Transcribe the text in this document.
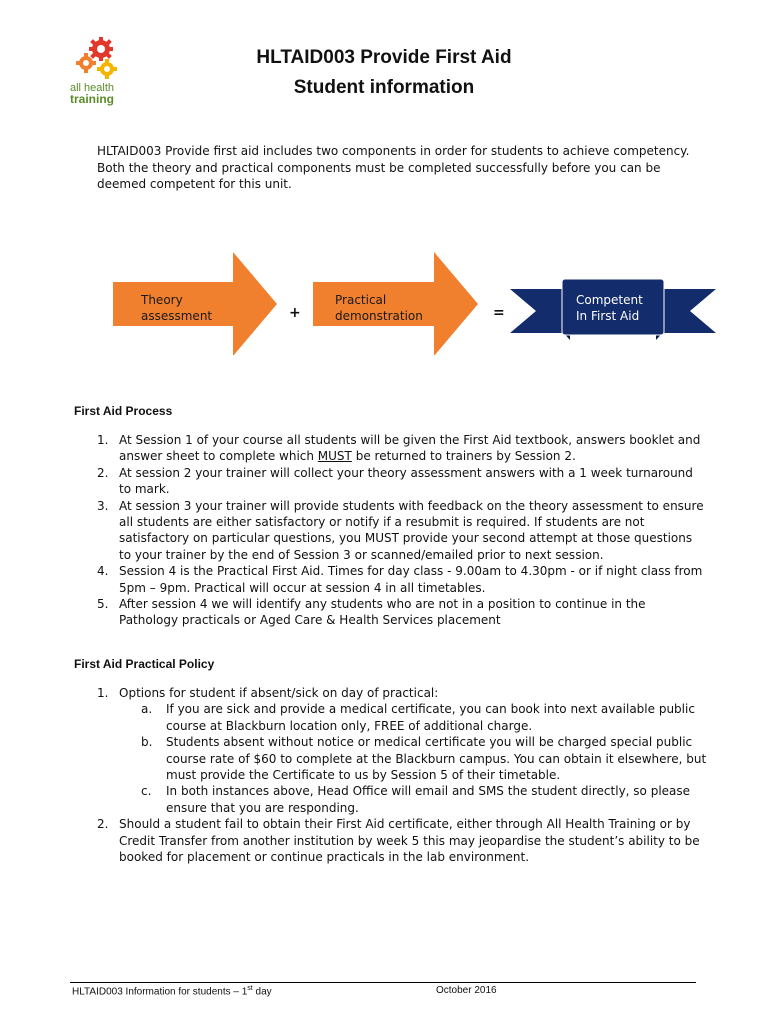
all health
training
HLTAID003 Provide First Aid
Student information
HLTAID003 Provide first aid includes two components in order for students to achieve competency. Both the theory and practical components must be completed successfully before you can be deemed competent for this unit.
Theory
assessment	+
Practical
demonstration	=
Competent
In First Aid
First Aid Process
1. At Session 1 of your course all students will be given the First Aid textbook, answers booklet and answer sheet to complete which MUST be returned to trainers by Session 2.
2. At session 2 your trainer will collect your theory assessment answers with a 1 week turnaround to mark.
3. At session 3 your trainer will provide students with feedback on the theory assessment to ensure all students are either satisfactory or notify if a resubmit is required. If students are not satisfactory on particular questions, you MUST provide your second attempt at those questions to your trainer by the end of Session 3 or scanned/emailed prior to next session.
4. Session 4 is the Practical First Aid. Times for day class - 9.00am to 4.30pm - or if night class from 5pm – 9pm. Practical will occur at session 4 in all timetables.
5. After session 4 we will identify any students who are not in a position to continue in the Pathology practicals or Aged Care & Health Services placement
First Aid Practical Policy
1. Options for student if absent/sick on day of practical:
a. If you are sick and provide a medical certificate, you can book into next available public course at Blackburn location only, FREE of additional charge.
b. Students absent without notice or medical certificate you will be charged special public course rate of $60 to complete at the Blackburn campus. You can obtain it elsewhere, but must provide the Certificate to us by Session 5 of their timetable.
c. In both instances above, Head Office will email and SMS the student directly, so please ensure that you are responding.
2. Should a student fail to obtain their First Aid certificate, either through All Health Training or by Credit Transfer from another institution by week 5 this may jeopardise the student’s ability to be booked for placement or continue practicals in the lab environment.
HLTAID003 Information for students – 1st day	October 2016
